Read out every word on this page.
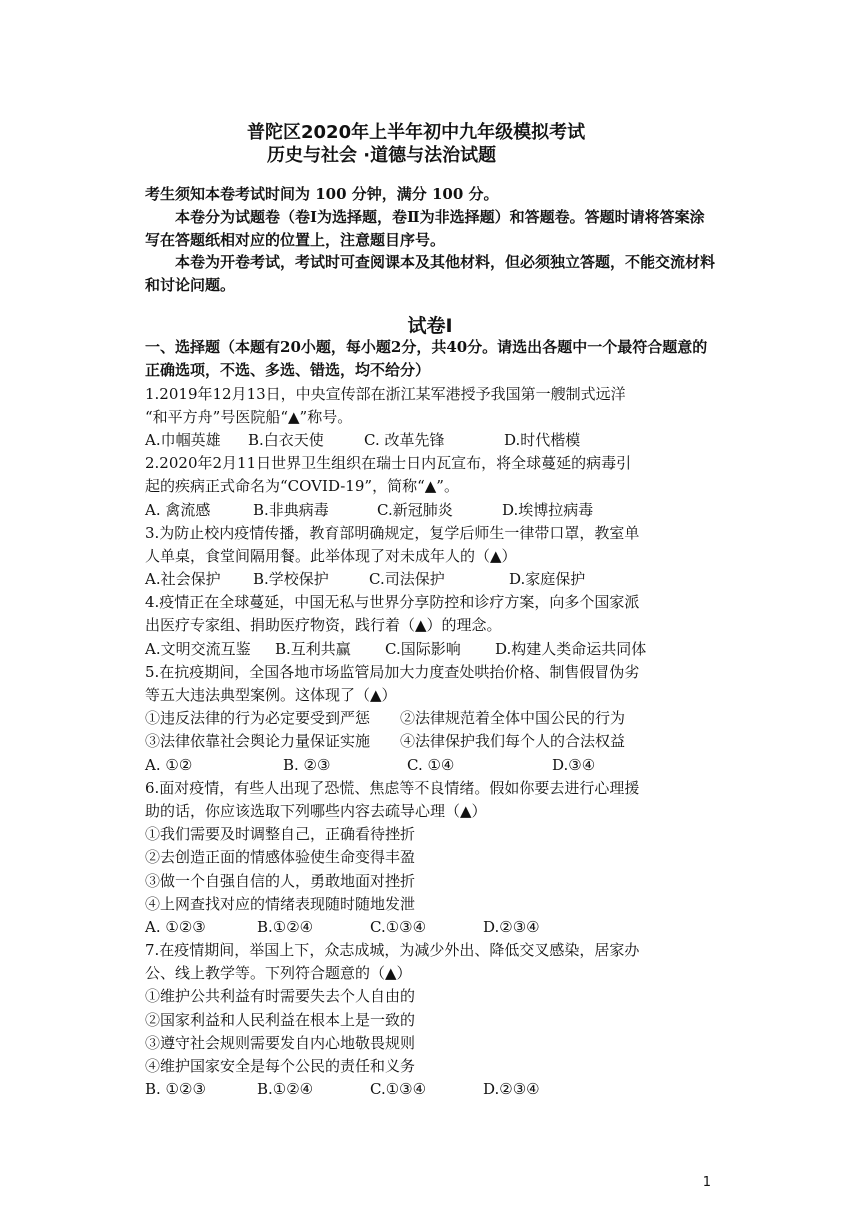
普陀区2020年上半年初中九年级模拟考试
历史与社会 ·道德与法治试题

考生须知本卷考试时间为 100 分钟，满分 100 分。

本卷分为试题卷（卷Ⅰ为选择题，卷Ⅱ为非选择题）和答题卷。答题时请将答案涂写在答题纸相对应的位置上，注意题目序号。

本卷为开卷考试，考试时可查阅课本及其他材料，但必须独立答题，不能交流材料和讨论问题。

试卷Ⅰ
一、选择题（本题有20小题，每小题2分，共40分。请选出各题中一个最符合题意的正确选项，不选、多选、错选，均不给分）
1.2019年12月13日，中央宣传部在浙江某军港授予我国第一艘制式远洋
“和平方舟”号医院船“▲”称号。
A.巾帼英雄 B.白衣天使	C. 改革先锋	D.时代楷模
2.2020年2月11日世界卫生组织在瑞士日内瓦宣布，将全球蔓延的病毒引
起的疾病正式命名为“COVID-19”，简称“▲”。
A. 禽流感	B.非典病毒	C.新冠肺炎	D.埃博拉病毒
3.为防止校内疫情传播，教育部明确规定，复学后师生一律带口罩，教室单
人单桌，食堂间隔用餐。此举体现了对未成年人的（▲）
A.社会保护 B.学校保护	C.司法保护	D.家庭保护
4.疫情正在全球蔓延，中国无私与世界分享防控和诊疗方案，向多个国家派
出医疗专家组、捐助医疗物资，践行着（▲）的理念。
A.文明交流互鉴 B.互利共赢 C.国际影响 D.构建人类命运共同体
5.在抗疫期间，全国各地市场监管局加大力度查处哄抬价格、制售假冒伪劣
等五大违法典型案例。这体现了（▲）
①违反法律的行为必定要受到严惩　　②法律规范着全体中国公民的行为
③法律依靠社会舆论力量保证实施　　④法律保护我们每个人的合法权益
A. ①②	B. ②③	C. ①④	D.③④
6.面对疫情，有些人出现了恐慌、焦虑等不良情绪。假如你要去进行心理援
助的话，你应该选取下列哪些内容去疏导心理（▲）
①我们需要及时调整自己，正确看待挫折
②去创造正面的情感体验使生命变得丰盈
③做一个自强自信的人，勇敢地面对挫折
④上网查找对应的情绪表现随时随地发泄
A. ①②③	B.①②④	C.①③④	D.②③④
7.在疫情期间，举国上下，众志成城，为减少外出、降低交叉感染，居家办
公、线上教学等。下列符合题意的（▲）
①维护公共利益有时需要失去个人自由的
②国家利益和人民利益在根本上是一致的
③遵守社会规则需要发自内心地敬畏规则
④维护国家安全是每个公民的责任和义务
B. ①②③	B.①②④	C.①③④	D.②③④
1
